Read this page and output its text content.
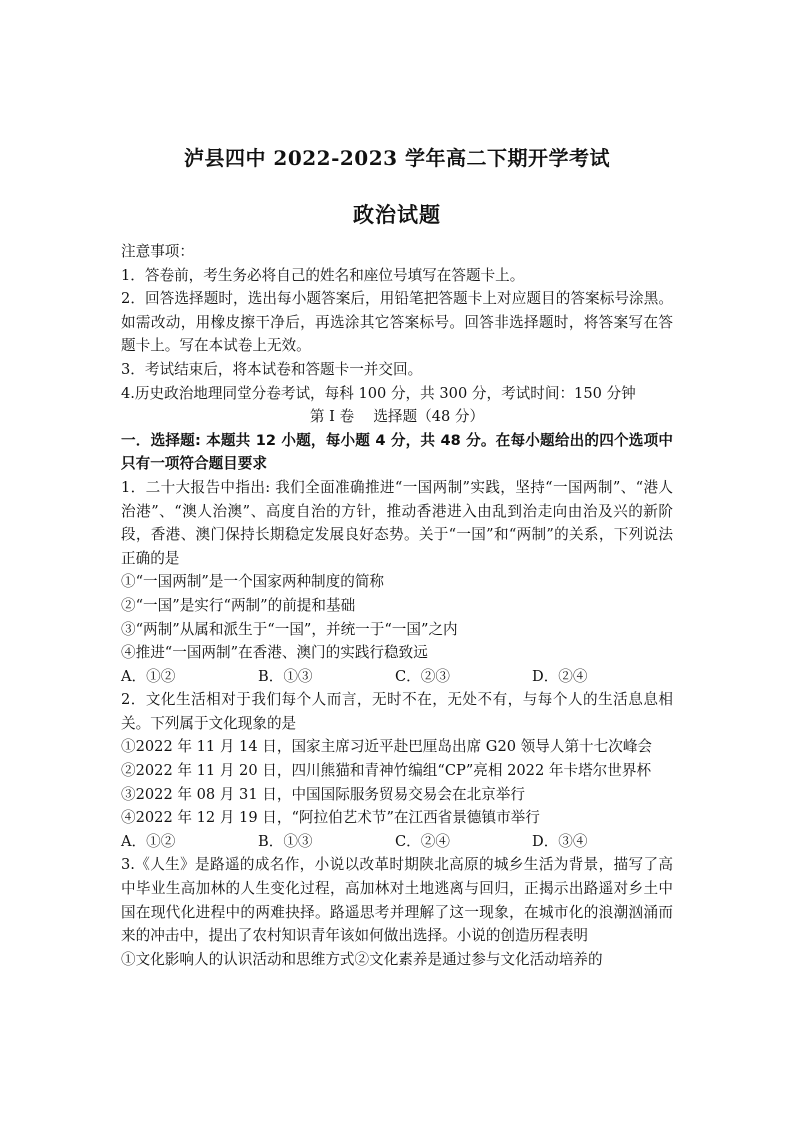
泸县四中 2022-2023 学年高二下期开学考试
政治试题

注意事项：

1．答卷前，考生务必将自己的姓名和座位号填写在答题卡上。

2．回答选择题时，选出每小题答案后，用铅笔把答题卡上对应题目的答案标号涂黑。如需改动，用橡皮擦干净后，再选涂其它答案标号。回答非选择题时，将答案写在答题卡上。写在本试卷上无效。

3．考试结束后，将本试卷和答题卡一并交回。

4.历史政治地理同堂分卷考试，每科 100 分，共 300 分，考试时间：150 分钟

第 I 卷　 选择题（48 分）

一．选择题: 本题共 12 小题，每小题 4 分，共 48 分。在每小题给出的四个选项中只有一项符合题目要求

1．二十大报告中指出: 我们全面准确推进“一国两制”实践，坚持“一国两制”、“港人治港”、“澳人治澳”、高度自治的方针，推动香港进入由乱到治走向由治及兴的新阶段，香港、澳门保持长期稳定发展良好态势。关于“一国”和“两制”的关系，下列说法正确的是

①“一国两制”是一个国家两种制度的简称

②“一国”是实行“两制”的前提和基础

③“两制”从属和派生于“一国”，并统一于“一国”之内

④推进“一国两制”在香港、澳门的实践行稳致远

A．①②	B．①③	C．②③	D．②④

2．文化生活相对于我们每个人而言，无时不在，无处不有，与每个人的生活息息相关。下列属于文化现象的是

①2022 年 11 月 14 日，国家主席习近平赴巴厘岛出席 G20 领导人第十七次峰会

②2022 年 11 月 20 日，四川熊猫和青神竹编组“CP”亮相 2022 年卡塔尔世界杯

③2022 年 08 月 31 日，中国国际服务贸易交易会在北京举行

④2022 年 12 月 19 日，“阿拉伯艺术节”在江西省景德镇市举行

A．①②	B．①③	C．②④	D．③④

3.《人生》是路遥的成名作，小说以改革时期陕北高原的城乡生活为背景，描写了高中毕业生高加林的人生变化过程，高加林对土地逃离与回归，正揭示出路遥对乡土中国在现代化进程中的两难抉择。路遥思考并理解了这一现象，在城市化的浪潮汹涌而来的冲击中，提出了农村知识青年该如何做出选择。小说的创造历程表明

①文化影响人的认识活动和思维方式②文化素养是通过参与文化活动培养的
